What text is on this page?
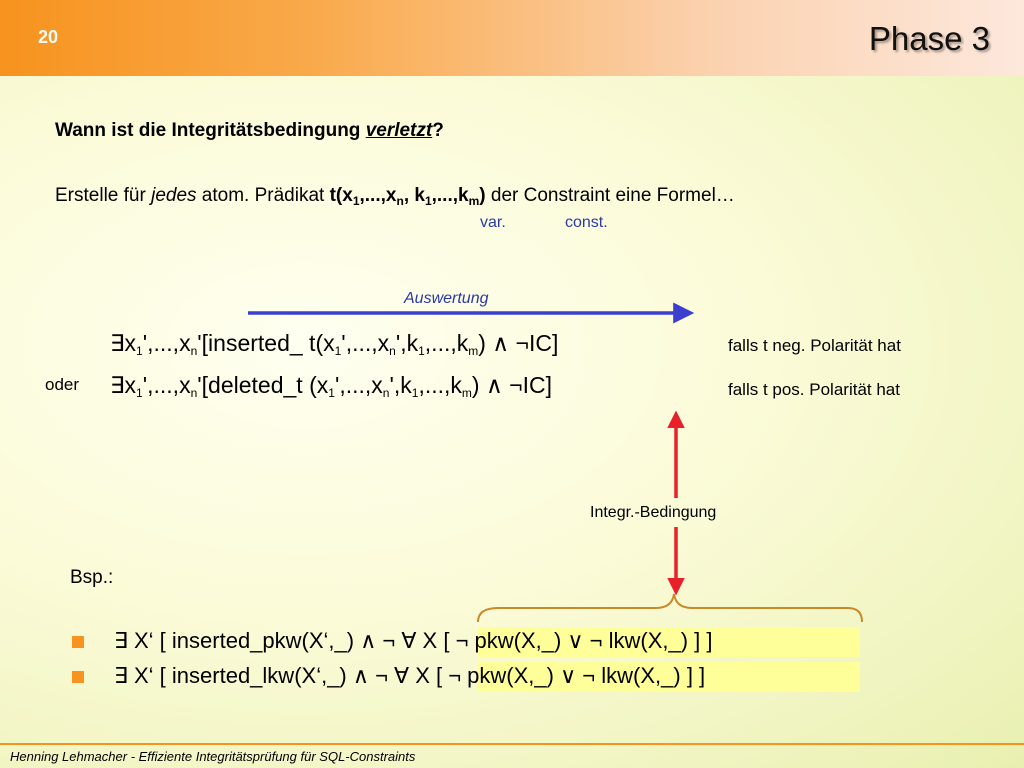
20	Phase 3
Wann ist die Integritätsbedingung verletzt?
Erstelle für jedes atom. Prädikat $t(x_1,...,x_n$, $k_1,...,k_m$) der Constraint eine Formel…
var.	const.
Auswertung
$\exists x_1',...,x_n'[inserted\_$ $t(x_1',...,x_n',k_1,...,k_m)$ ∧ ¬IC]
oder $\exists x_1',...,x_n'[deleted\_t$ $(x_1',...,x_n',k_1,...,k_m)$ ∧ ¬IC]
falls t neg. Polarität hat
falls t pos. Polarität hat
Integr.-Bedingung
Bsp.:
∃ X‘ [ inserted_pkw(X‘,_) ∧ ¬ ∀ X [ ¬ pkw(X,_) ∨ ¬ lkw(X,_) ] ]
∃ X‘ [ inserted_lkw(X‘,_) ∧ ¬ ∀ X [ ¬ pkw(X,_) ∨ ¬ lkw(X,_) ] ]
Henning Lehmacher - Effiziente Integritätsprüfung für SQL-Constraints
